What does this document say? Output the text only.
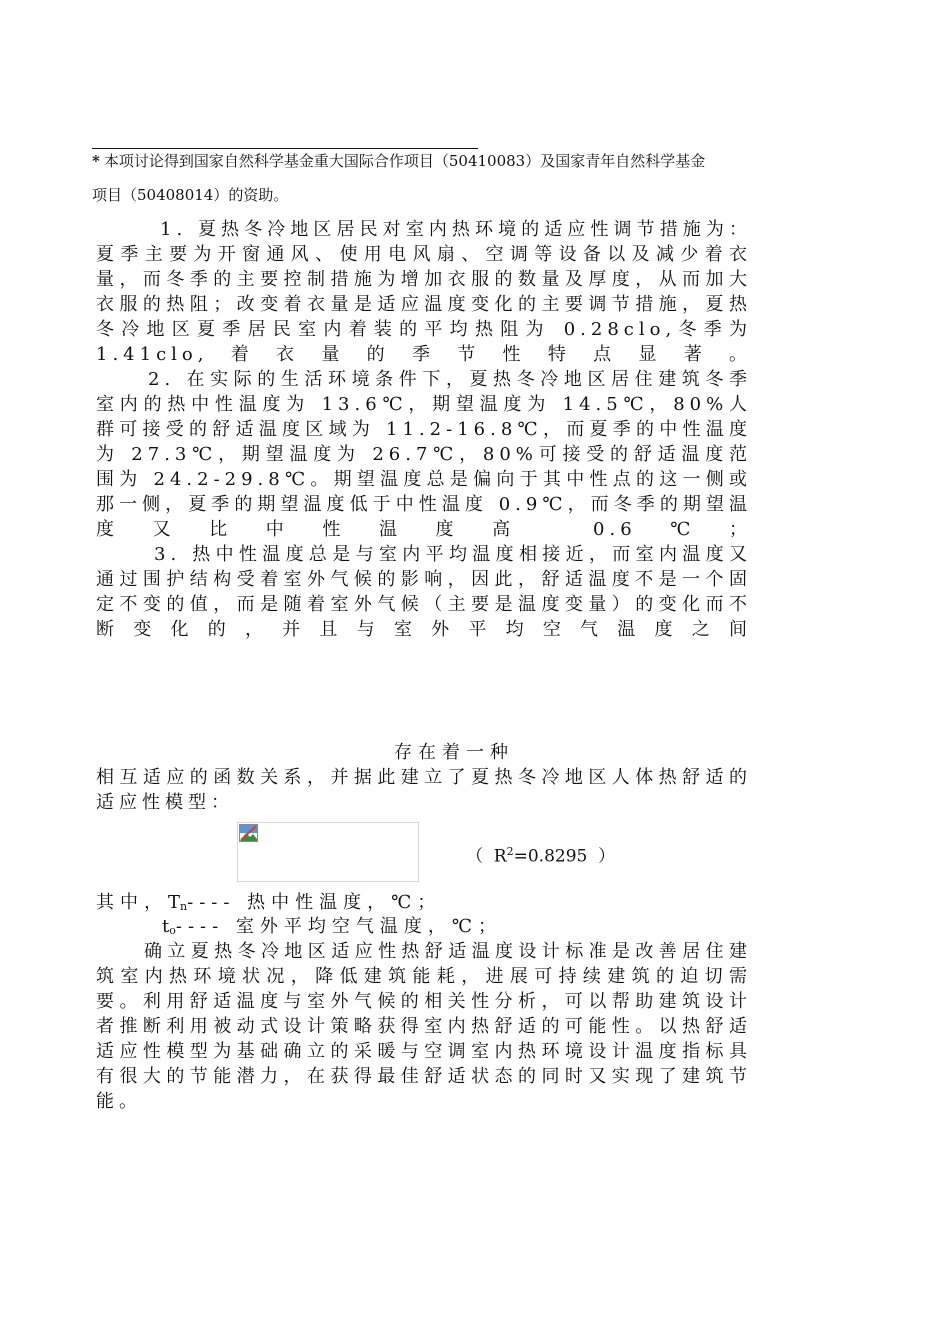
* 本项讨论得到国家自然科学基金重大国际合作项目（50410083）及国家青年自然科学基金
项目（50408014）的资助。

1. 夏热冬冷地区居民对室内热环境的适应性调节措施为：夏季主要为开窗通风、使用电风扇、空调等设备以及减少着衣量，而冬季的主要控制措施为增加衣服的数量及厚度，从而加大衣服的热阻；改变着衣量是适应温度变化的主要调节措施，夏热冬冷地区夏季居民室内着装的平均热阻为 0.28clo,冬季为 1.41clo,着衣量的季节性特点显著。

2. 在实际的生活环境条件下，夏热冬冷地区居住建筑冬季室内的热中性温度为 13.6℃，期望温度为 14.5℃，80%人群可接受的舒适温度区域为 11.2-16.8℃，而夏季的中性温度为 27.3℃，期望温度为 26.7℃，80%可接受的舒适温度范围为 24.2-29.8℃。期望温度总是偏向于其中性点的这一侧或那一侧，夏季的期望温度低于中性温度 0.9℃，而冬季的期望温度又比中性温度高 0.6℃；

3. 热中性温度总是与室内平均温度相接近，而室内温度又通过围护结构受着室外气候的影响，因此，舒适温度不是一个固定不变的值，而是随着室外气候（主要是温度变量）的变化而不断变化的，并且与室外平均空气温度之间

存在着一种

相互适应的函数关系，并据此建立了夏热冬冷地区人体热舒适的适应性模型：

（  $R^2=0.8295$  ）
其中，Tn---- 热中性温度，℃；
to---- 室外平均空气温度，℃；

确立夏热冬冷地区适应性热舒适温度设计标准是改善居住建筑室内热环境状况，降低建筑能耗，进展可持续建筑的迫切需要。利用舒适温度与室外气候的相关性分析，可以帮助建筑设计者推断利用被动式设计策略获得室内热舒适的可能性。以热舒适适应性模型为基础确立的采暖与空调室内热环境设计温度指标具有很大的节能潜力，在获得最佳舒适状态的同时又实现了建筑节能。
